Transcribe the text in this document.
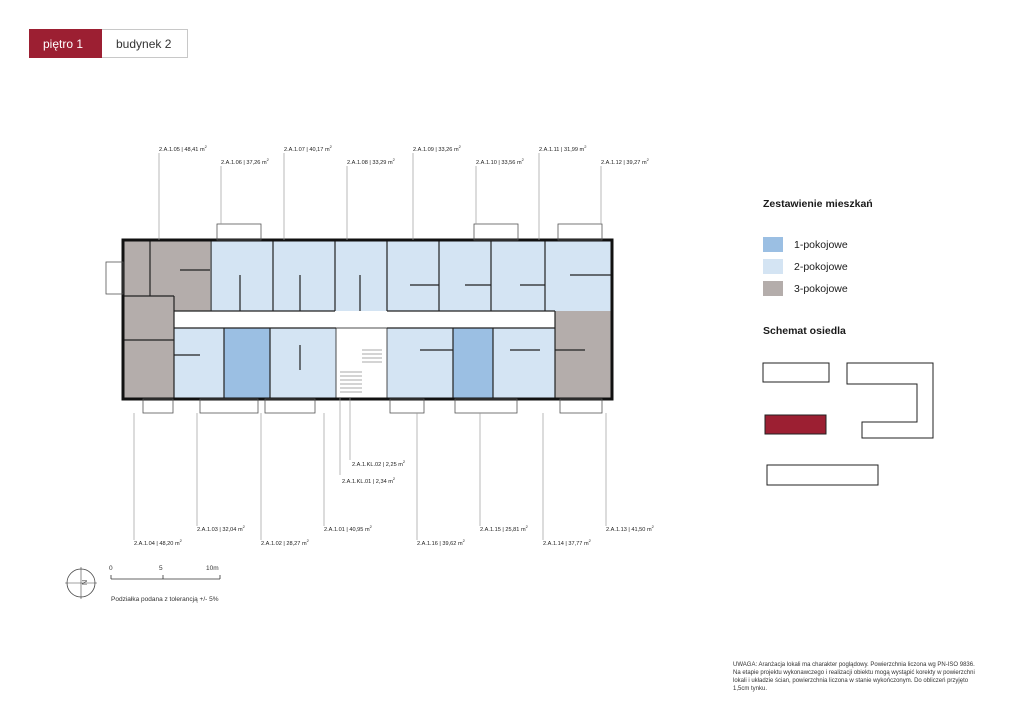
piętro 1	budynek 2
2.A.1.05 | 48,41 $m^2$
2.A.1.06 | 37,26 $m^2$
2.A.1.07 | 40,17 $m^2$
2.A.1.08 | 33,29 $m^2$
2.A.1.09 | 33,26 $m^2$
2.A.1.10 | 33,56 $m^2$
2.A.1.11 | 31,99 $m^2$
2.A.1.12 | 39,27 $m^2$
2.A.1.04 | 48,20 $m^2$
2.A.1.03 | 32,04 $m^2$
2.A.1.02 | 28,27 $m^2$
2.A.1.01 | 40,95 $m^2$
2.A.1.16 | 39,62 $m^2$
2.A.1.15 | 25,81 $m^2$
2.A.1.14 | 37,77 $m^2$
2.A.1.13 | 41,50 $m^2$
2.A.1.KL.02 | 2,25 $m^2$
2.A.1.KL.01 | 2,34 $m^2$
Zestawienie mieszkań
1-pokojowe
2-pokojowe
3-pokojowe
Schemat osiedla
N
0	5	10m
Podziałka podana z tolerancją +/- 5%
UWAGA: Aranżacja lokali ma charakter poglądowy. Powierzchnia liczona wg PN-ISO 9836. Na etapie projektu wykonawczego i realizacji obiektu mogą wystąpić korekty w powierzchni lokali i układzie ścian, powierzchnia liczona w stanie wykończonym. Do obliczeń przyjęto 1,5cm tynku.
